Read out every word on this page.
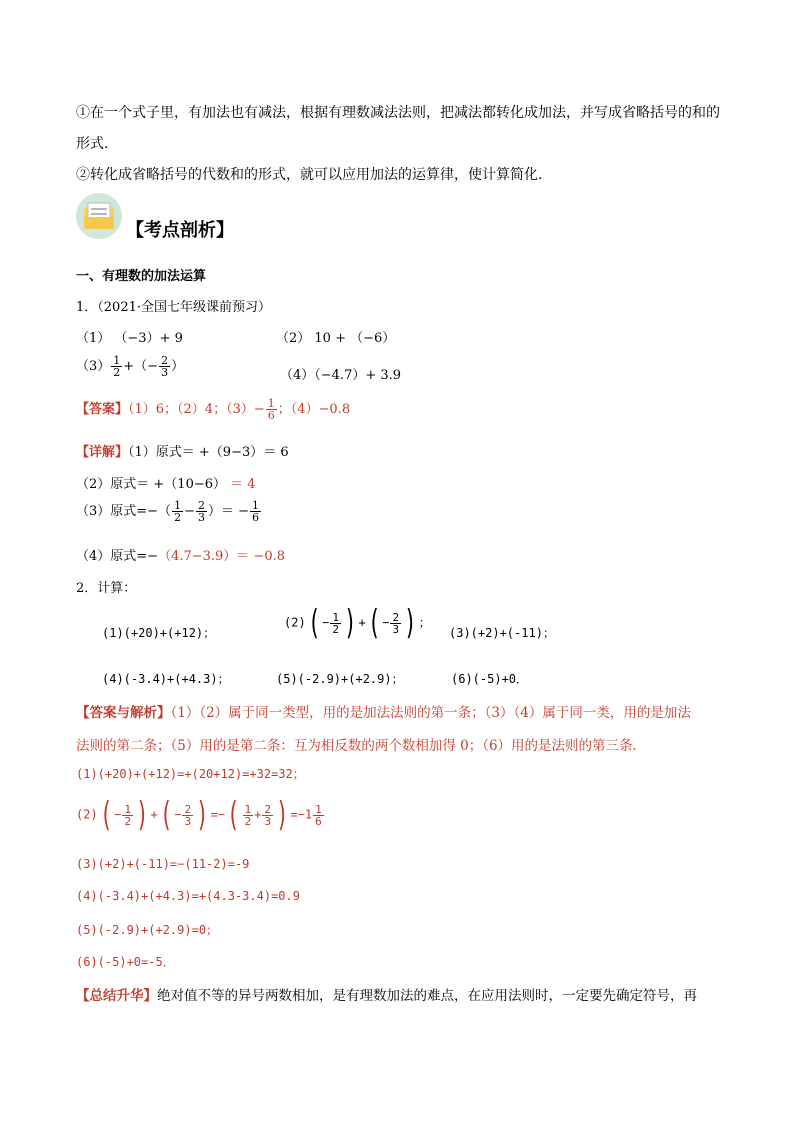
①在一个式子里，有加法也有减法，根据有理数减法法则，把减法都转化成加法，并写成省略括号的和的
形式．
②转化成省略括号的代数和的形式，就可以应用加法的运算律，使计算简化．
【考点剖析】
一、有理数的加法运算
1．（2021·全国七年级课前预习）
（1） （−3）+ 9	（2） 10 + （−6）
$(3) \frac{1}{2}$ +（− $\frac{2}{3}$ ）
（4）（−4.7）+ 3.9
【答案】（1）6；（2）4；$(3)- \frac{1}{6}$ ；（4）−0.8
【详解】（1）原式＝ +（9−3）＝ 6
（2）原式＝ +（10−6） ＝ 4
（3）原式=−（ $\frac{1}{2} - \frac{2}{3}$ ）＝ − $\frac{1}{6}$
（4）原式=−（4.7−3.9）＝ −0.8
2．计算：
(1)(+20)+(+12)；
$(2)( - \frac{1}{2}$ ) +( − $\frac{2}{3}$ ) ；
(3)(+2)+(-11)；
(4)(-3.4)+(+4.3)；	(5)(-2.9)+(+2.9)；	(6)(-5)+0．
【答案与解析】（1）（2）属于同一类型，用的是加法法则的第一条；（3）（4）属于同一类，用的是加法
法则的第二条；（5）用的是第二条：互为相反数的两个数相加得 0；（6）用的是法则的第三条．
(1)(+20)+(+12)=+(20+12)=+32=32；
$(2)( - \frac{1}{2}$ ) +( − $\frac{2}{3}$ ) =−( $\frac{1}{2} + \frac{2}{3}$ ) $=-1 \frac{1}{6}$
(3)(+2)+(-11)=−(11-2)=-9
(4)(-3.4)+(+4.3)=+(4.3-3.4)=0.9
(5)(-2.9)+(+2.9)=0；
(6)(-5)+0=-5．
【总结升华】绝对值不等的异号两数相加，是有理数加法的难点，在应用法则时，一定要先确定符号，再
